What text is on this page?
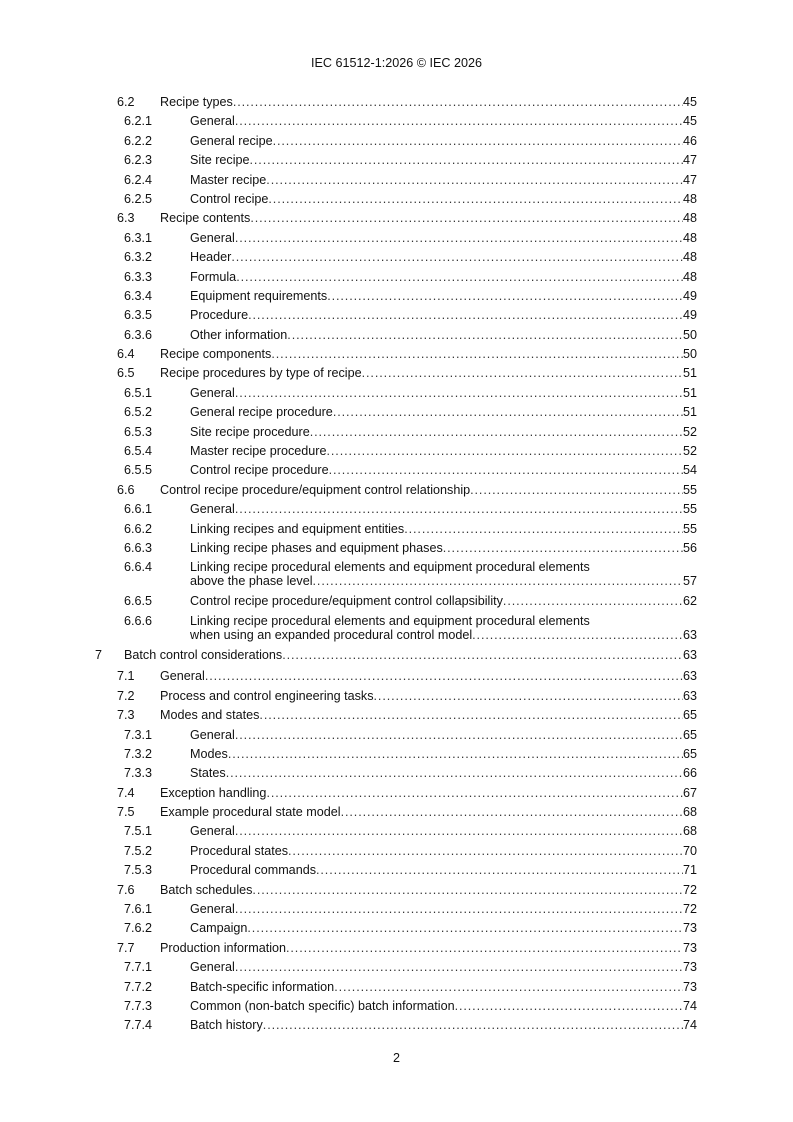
IEC 61512-1:2026 © IEC 2026
6.2 Recipe types . . .	45
6.2.1	General . . .	45
6.2.2	General recipe . . .	46
6.2.3	Site recipe . . .	47
6.2.4	Master recipe . . .	47
6.2.5	Control recipe . . .	48
6.3 Recipe contents . . .	48
6.3.1	General . . .	48
6.3.2	Header . . .	48
6.3.3	Formula . . .	48
6.3.4	Equipment requirements . . .	49
6.3.5	Procedure . . .	49
6.3.6	Other information . . .	50
6.4 Recipe components . . .	50
6.5 Recipe procedures by type of recipe . . .	51
6.5.1	General . . .	51
6.5.2	General recipe procedure . . .	51
6.5.3	Site recipe procedure . . .	52
6.5.4	Master recipe procedure . . .	52
6.5.5	Control recipe procedure . . .	54
6.6 Control recipe procedure/equipment control relationship . . .	55
6.6.1	General . . .	55
6.6.2	Linking recipes and equipment entities . . .	55
6.6.3	Linking recipe phases and equipment phases . . .	56
6.6.4	Linking recipe procedural elements and equipment procedural elements
above the phase level . . .	57
6.6.5	Control recipe procedure/equipment control collapsibility . . .	62
6.6.6	Linking recipe procedural elements and equipment procedural elements
when using an expanded procedural control model . . .	63
7 Batch control considerations . . .	63
7.1 General . . .	63
7.2 Process and control engineering tasks . . .	63
7.3 Modes and states . . .	65
7.3.1	General . . .	65
7.3.2	Modes . . .	65
7.3.3	States . . .	66
7.4 Exception handling . . .	67
7.5 Example procedural state model . . .	68
7.5.1	General . . .	68
7.5.2	Procedural states . . .	70
7.5.3	Procedural commands . . .	71
7.6 Batch schedules . . .	72
7.6.1	General . . .	72
7.6.2	Campaign . . .	73
7.7 Production information . . .	73
7.7.1	General . . .	73
7.7.2	Batch-specific information . . .	73
7.7.3	Common (non-batch specific) batch information . . .	74
7.7.4	Batch history . . .	74
2
